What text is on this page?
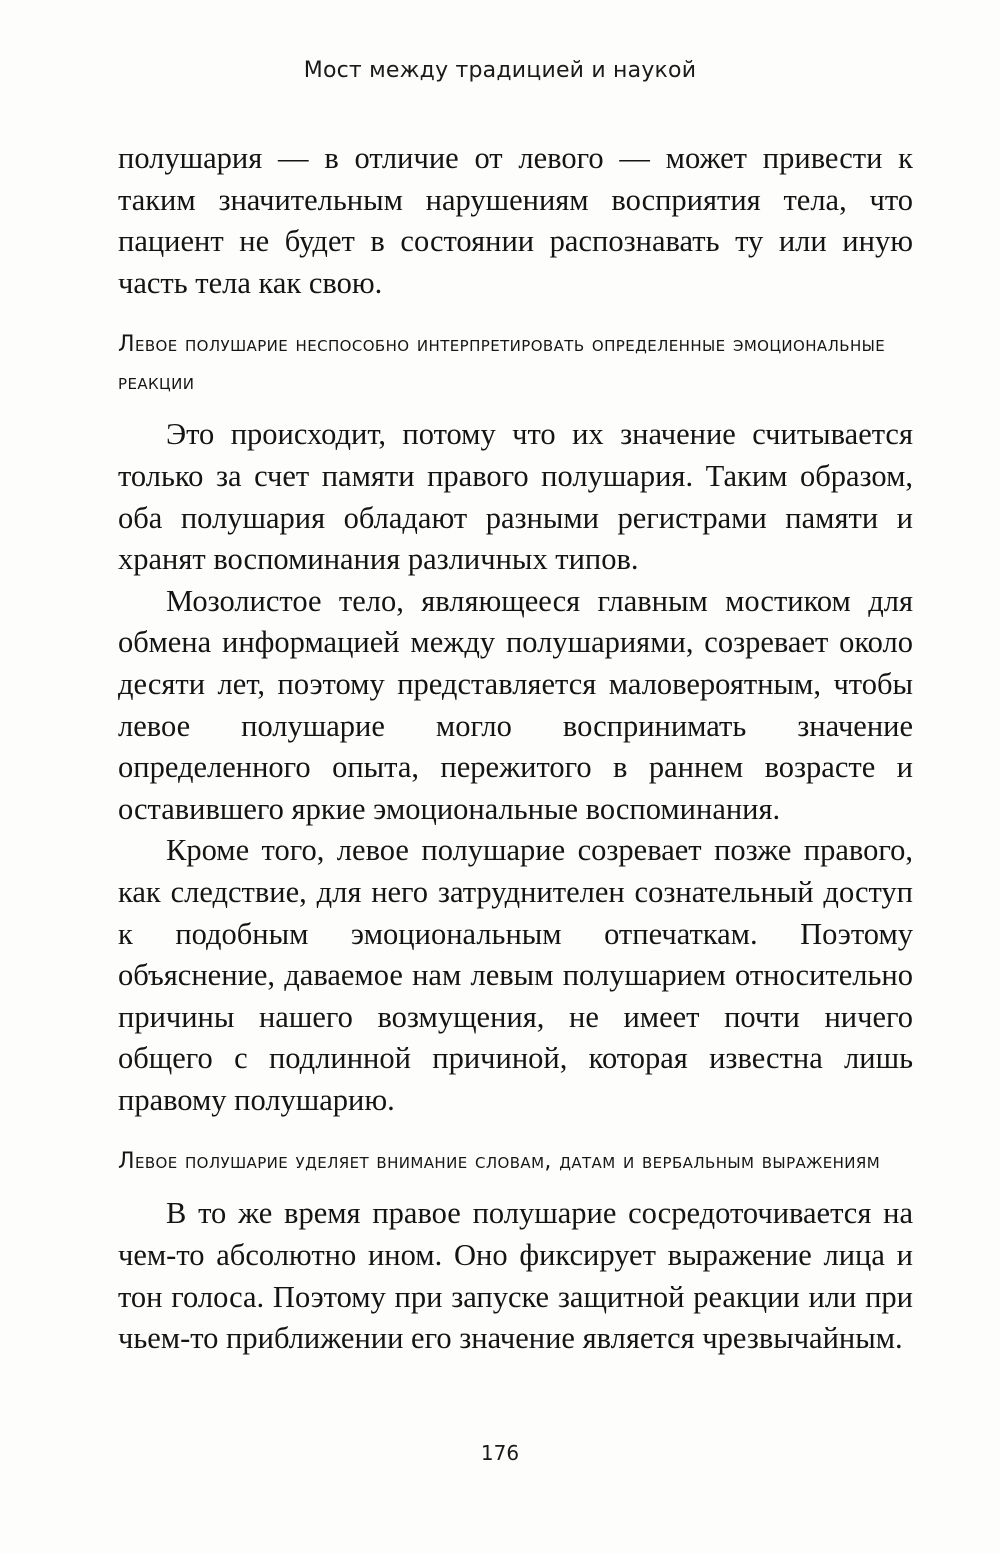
Мост между традицией и наукой

полушария — в отличие от левого — может привести к таким значительным нарушениям восприятия тела, что пациент не будет в состоянии распознавать ту или иную часть тела как свою.

Левое полушарие неспособно интерпретировать определенные эмоциональные реакции

Это происходит, потому что их значение считывается только за счет памяти правого полушария. Таким образом, оба полушария обладают разными регистрами памяти и хранят воспоминания различных типов.

Мозолистое тело, являющееся главным мостиком для обмена информацией между полушариями, созревает около десяти лет, поэтому представляется маловероятным, чтобы левое полушарие могло воспринимать значение определенного опыта, пережитого в раннем возрасте и оставившего яркие эмоциональные воспоминания.

Кроме того, левое полушарие созревает позже правого, как следствие, для него затруднителен сознательный доступ к подобным эмоциональным отпечаткам. Поэтому объяснение, даваемое нам левым полушарием относительно причины нашего возмущения, не имеет почти ничего общего с подлинной причиной, которая известна лишь правому полушарию.

Левое полушарие уделяет внимание словам, датам и вербальным выражениям

В то же время правое полушарие сосредоточивается на чем-то абсолютно ином. Оно фиксирует выражение лица и тон голоса. Поэтому при запуске защитной реакции или при чьем-то приближении его значение является чрезвычайным.

176
